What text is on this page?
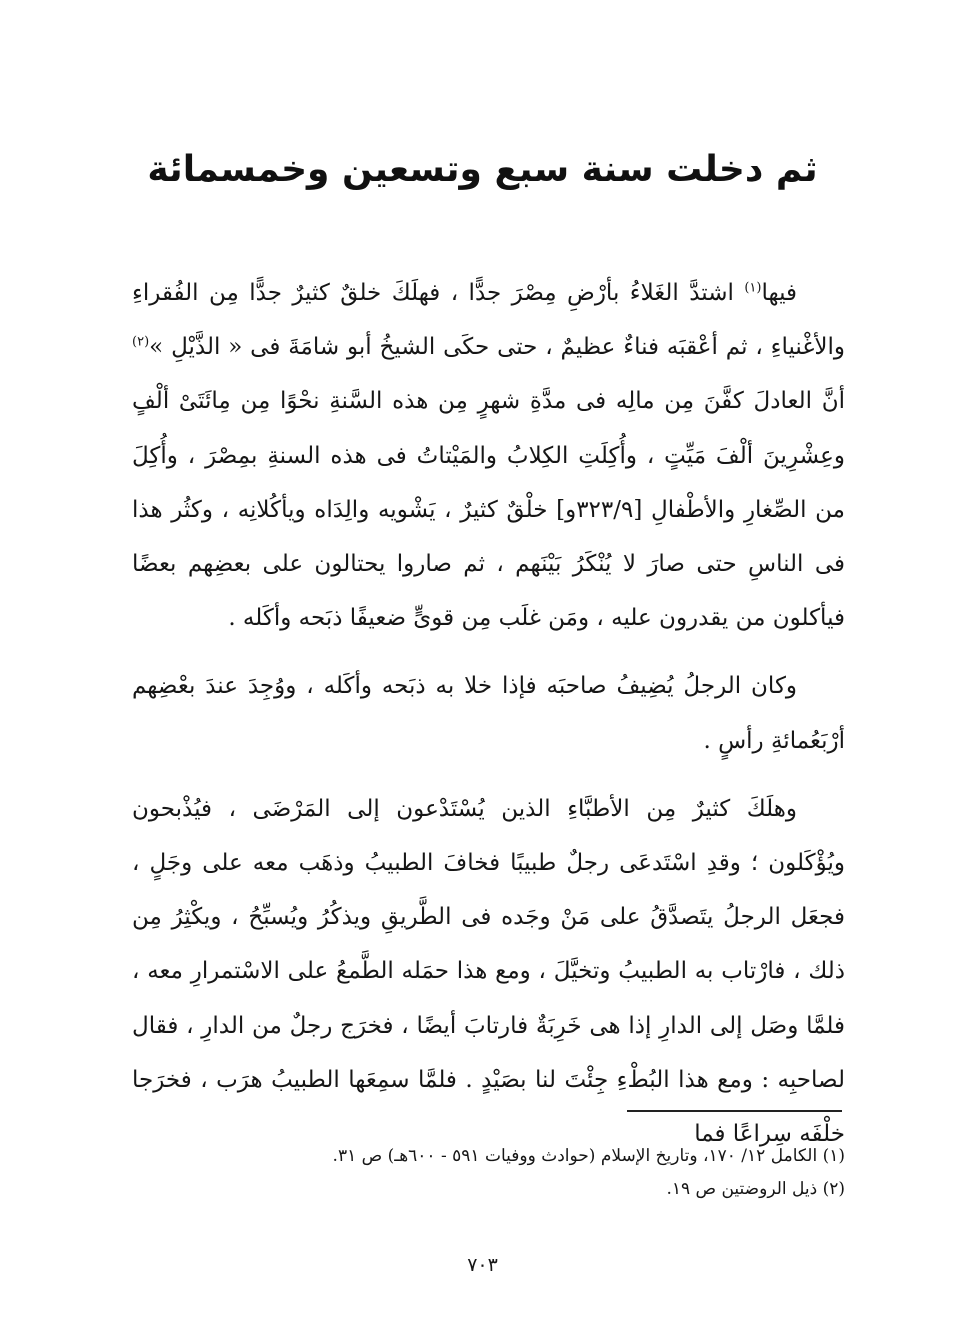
ثم دخلت سنة سبع وتسعين وخمسمائة

فيها$^{(١)}$ اشتدَّ الغَلاءُ بأرْضِ مِصْرَ جدًّا ، فهلَكَ خلقٌ كثيرٌ جدًّا مِن الفُقراءِ والأغْنياءِ ، ثم أعْقبَه فناءٌ عظيمٌ ، حتى حكَى الشيخُ أبو شامَةَ فى « الذَّيْلِ »$^{(٢)}$ أنَّ العادلَ كفَّنَ مِن مالِه فى مدَّةِ شهرٍ مِن هذه السَّنةِ نحْوًا مِن مِائَتَىْ ألْفٍ وعِشْرِينَ ألْفَ مَيِّتٍ ، وأُكِلَتِ الكِلابُ والمَيْتاتُ فى هذه السنةِ بمِصْرَ ، وأُكِلَ من الصِّغارِ والأطْفالِ [٣٢٣/٩و] خلْقٌ كثيرٌ ، يَشْويه والِدَاه ويأكُلانِه ، وكثُر هذا فى الناسِ حتى صارَ لا يُنْكَرُ بَيْنَهم ، ثم صاروا يحتالون على بعضِهم بعضًا فيأكلون من يقدرون عليه ، ومَن غلَب مِن قوىٍّ ضعيفًا ذبَحه وأكَله .

وكان الرجلُ يُضِيفُ صاحبَه فإذا خلا به ذبَحه وأكَله ، ووُجِدَ عندَ بعْضِهم أرْبَعُمائةِ رأسٍ .

وهلَكَ كثيرٌ مِن الأطبَّاءِ الذين يُسْتَدْعون إلى المَرْضَى ، فيُذْبحون ويُؤْكَلون ؛ وقدِ اسْتَدعَى رجلٌ طبيبًا فخافَ الطبيبُ وذهَب معه على وجَلٍ ، فجعَل الرجلُ يتَصدَّقُ على مَنْ وجَده فى الطَّريقِ ويذكُرُ ويُسبِّحُ ، ويكْثِرُ مِن ذلك ، فارْتاب به الطبيبُ وتخيَّلَ ، ومع هذا حمَله الطَّمعُ على الاسْتمرارِ معه ، فلمَّا وصَل إلى الدارِ إذا هى خَرِبَةٌ فارتابَ أيضًا ، فخرَج رجلٌ من الدارِ ، فقال لصاحبِه : ومع هذا البُطْءِ جِئْتَ لنا بصَيْدٍ . فلمَّا سمِعَها الطبيبُ هرَب ، فخرَجا خلْفَه سِراعًا فما

(١) الكامل ١٢/ ١٧٠، وتاريخ الإسلام (حوادث ووفيات ٥٩١ - ٦٠٠هـ) ص ٣١.
(٢) ذيل الروضتين ص ١٩.
٧٠٣
